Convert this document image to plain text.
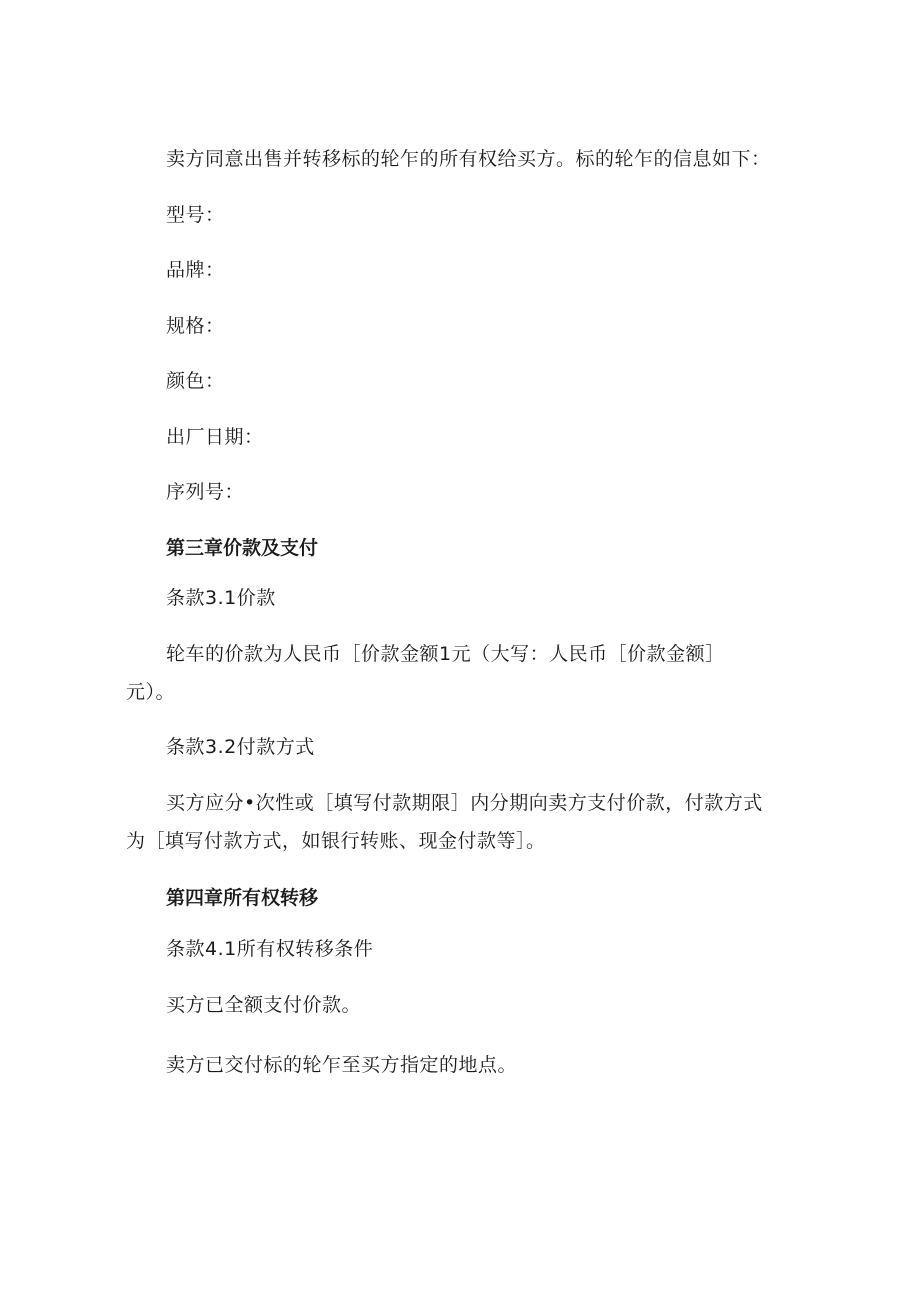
卖方同意出售并转移标的轮乍的所有权给买方。标的轮乍的信息如下：
型号：
品牌：
规格：
颜色：
出厂日期：
序列号：
第三章价款及支付
条款3.1价款
轮车的价款为人民币［价款金额1元（大写：人民币［价款金额］
元）。
条款3.2付款方式
买方应分•次性或［填写付款期限］内分期向卖方支付价款，付款方式
为［填写付款方式，如银行转账、现金付款等］。
第四章所有权转移
条款4.1所有权转移条件
买方已全额支付价款。
卖方已交付标的轮乍至买方指定的地点。
